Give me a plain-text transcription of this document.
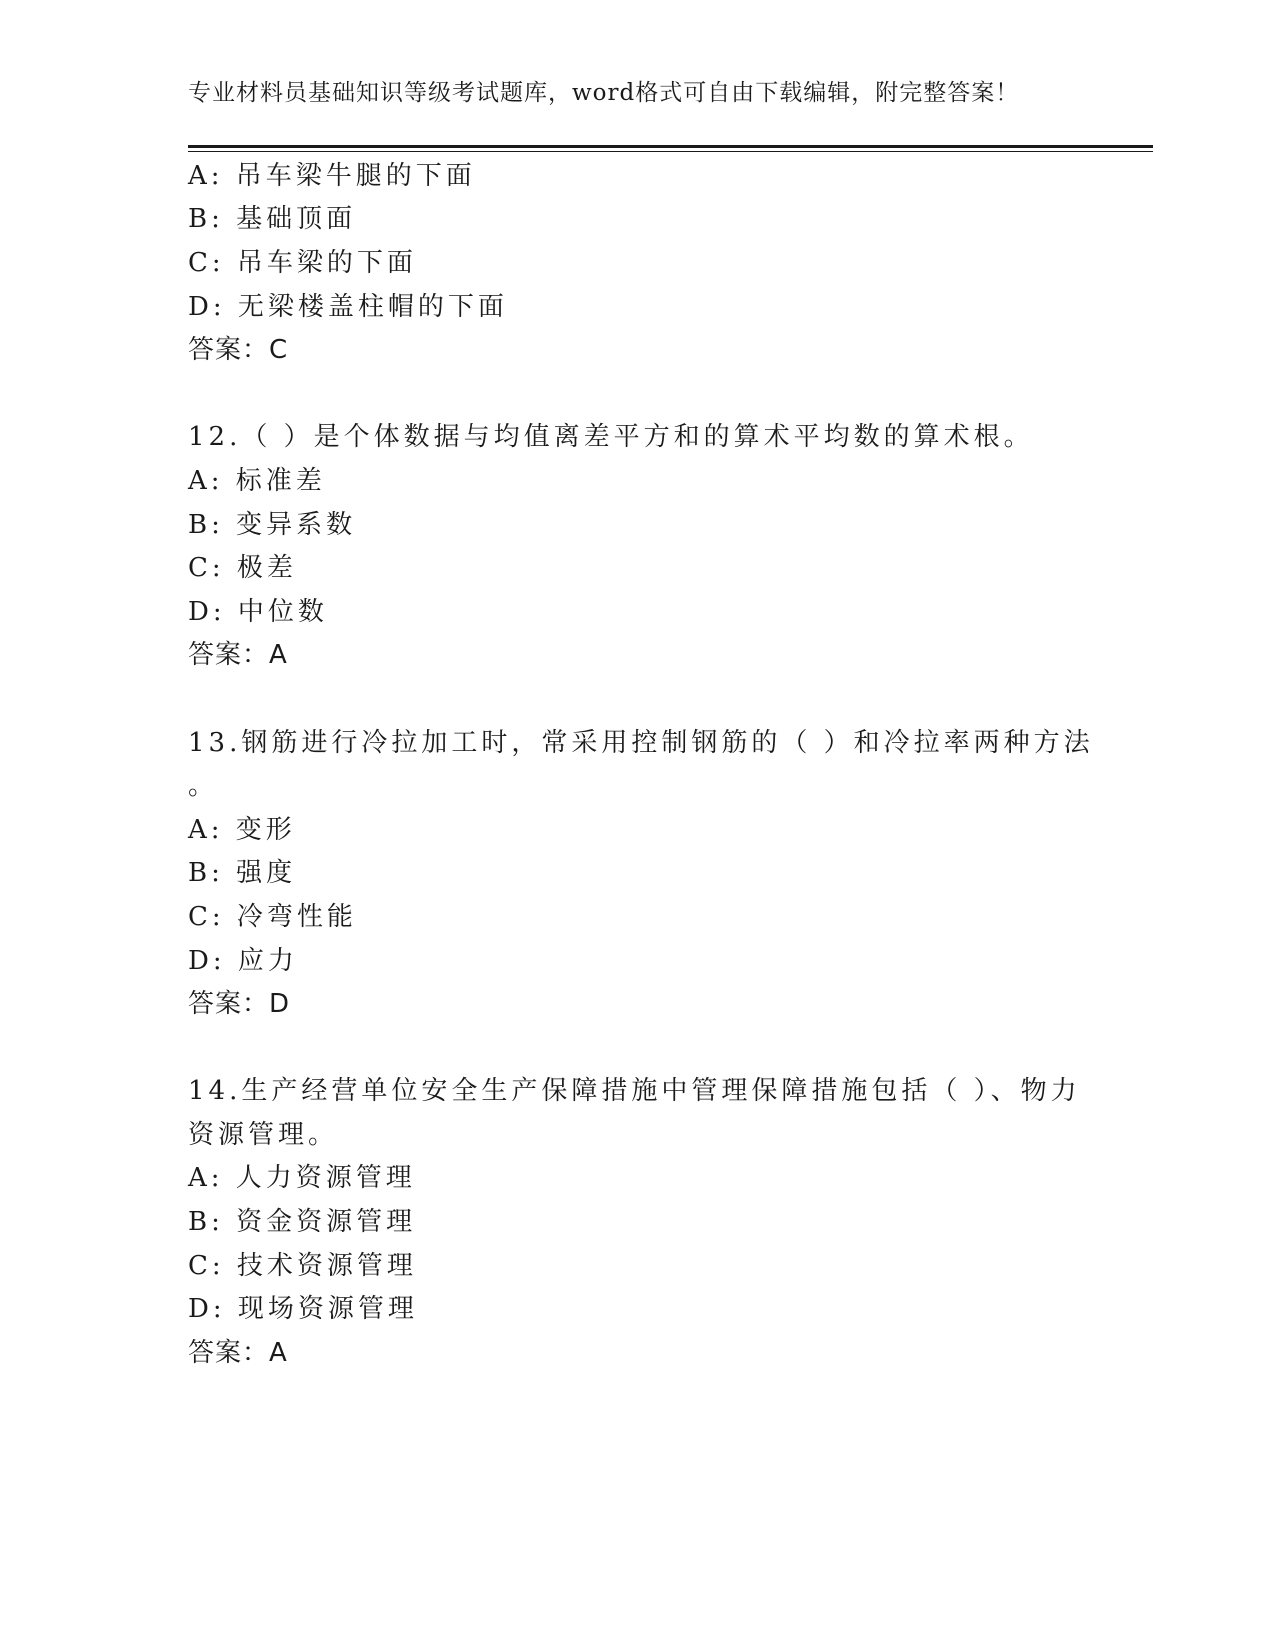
专业材料员基础知识等级考试题库，word格式可自由下载编辑，附完整答案！
A: 吊车梁牛腿的下面
B: 基础顶面
C: 吊车梁的下面
D: 无梁楼盖柱帽的下面
答案：C
12.（ ）是个体数据与均值离差平方和的算术平均数的算术根。
A: 标准差
B: 变异系数
C: 极差
D: 中位数
答案：A
13.钢筋进行冷拉加工时，常采用控制钢筋的（ ）和冷拉率两种方法
。
A: 变形
B: 强度
C: 冷弯性能
D: 应力
答案：D
14.生产经营单位安全生产保障措施中管理保障措施包括（ ）、物力
资源管理。
A: 人力资源管理
B: 资金资源管理
C: 技术资源管理
D: 现场资源管理
答案：A
